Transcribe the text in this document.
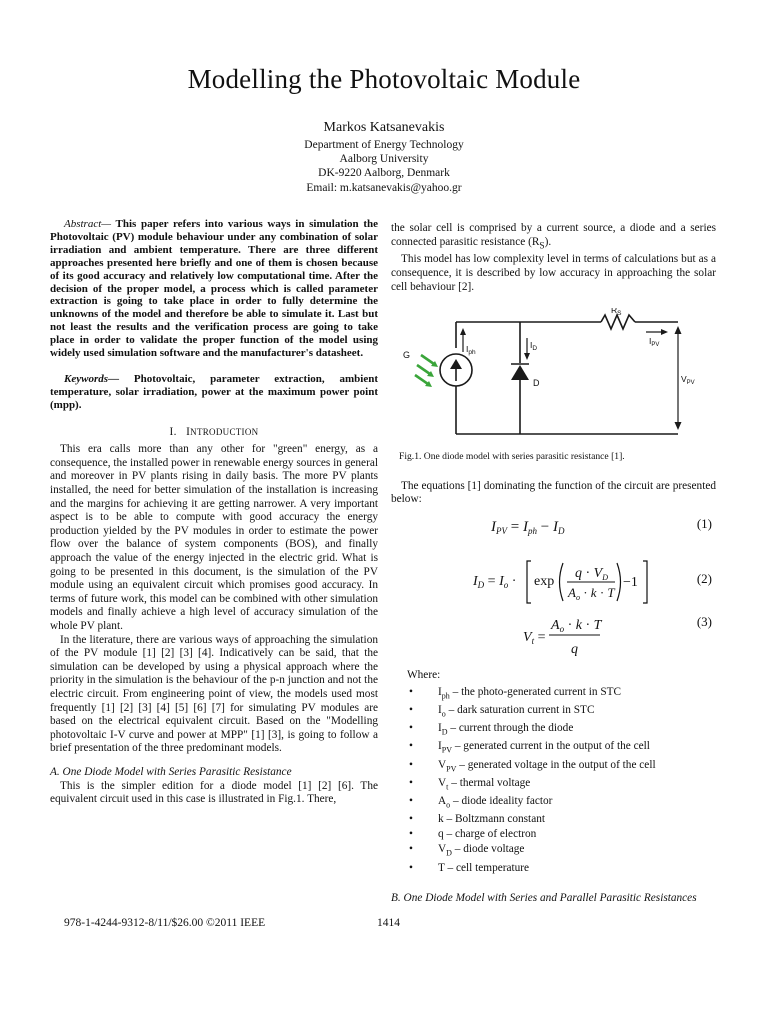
Modelling the Photovoltaic Module
Markos Katsanevakis
Department of Energy Technology
Aalborg University
DK-9220 Aalborg, Denmark
Email: m.katsanevakis@yahoo.gr

Abstract— This paper refers into various ways in simulation the Photovoltaic (PV) module behaviour under any combination of solar irradiation and ambient temperature. There are three different approaches presented here briefly and one of them is chosen because of its good accuracy and relatively low computational time. After the decision of the proper model, a process which is called parameter extraction is going to take place in order to fully determine the unknowns of the model and therefore be able to simulate it. Last but not least the results and the verification process are going to take place in order to validate the proper function of the model using widely used simulation software and the manufacturer's datasheet.

Keywords— Photovoltaic, parameter extraction, ambient temperature, solar irradiation, power at the maximum power point (mpp).

I. INTRODUCTION

This era calls more than any other for "green" energy, as a consequence, the installed power in renewable energy sources in general and moreover in PV plants rising in daily basis. The more PV plants installed, the need for better simulation of the installation is increasing and the margins for achieving it are getting narrower. A very important aspect is to be able to compute with good accuracy the energy production yielded by the PV modules in order to estimate the power flow over the balance of system components (BOS), and finally approach the value of the energy injected in the electric grid. What is going to be presented in this document, is the simulation of the PV module using an equivalent circuit which promises good accuracy. In terms of future work, this model can be combined with other simulation models and finally achieve a high level of accuracy simulation of the whole PV plant.

In the literature, there are various ways of approaching the simulation of the PV module [1] [2] [3] [4]. Indicatively can be said, that the simulation can be developed by using a physical approach where the priority in the simulation is the behaviour of the p-n junction and not the electric circuit. From engineering point of view, the models used most frequently [1] [2] [3] [4] [5] [6] [7] for simulating PV modules are based on the electrical equivalent circuit. Based on the "Modelling photovoltaic I-V curve and power at MPP" [1] [3], is going to follow a brief presentation of the three predominant models.

A. One Diode Model with Series Parasitic Resistance

This is the simpler edition for a diode model [1] [2] [6]. The equivalent circuit used in this case is illustrated in Fig.1. There,

the solar cell is comprised by a current source, a diode and a series connected parasitic resistance $(R_S)$.

This model has low complexity level in terms of calculations but as a consequence, it is described by low accuracy in approaching the solar cell behaviour [2].

G
$I_{ph}$
$I_D$
D
$R_S$
$I_{PV}$
$V_{PV}$
Fig.1. One diode model with series parasitic resistance [1].

The equations [1] dominating the function of the circuit are presented below:

$I_{PV} = I_{ph} - I_D$	(1)
$I_D = I_o \cdot \exp$
$q \cdot V_D$
$A_o \cdot k \cdot T$
−1	(2)
$V_t$ =
$A_o \cdot k \cdot T$
q
(3)
Where:
• $I_{ph}$ – the photo-generated current in STC
• $I_o$ – dark saturation current in STC
• $I_D$ – current through the diode
• $I_{PV}$ – generated current in the output of the cell
• $V_{PV}$ – generated voltage in the output of the cell
• $V_t$ – thermal voltage
• $A_o$ – diode ideality factor
• k – Boltzmann constant
• q – charge of electron
• $V_D$ – diode voltage
• T – cell temperature

B. One Diode Model with Series and Parallel Parasitic Resistances

978-1-4244-9312-8/11/$26.00 ©2011 IEEE	1414
